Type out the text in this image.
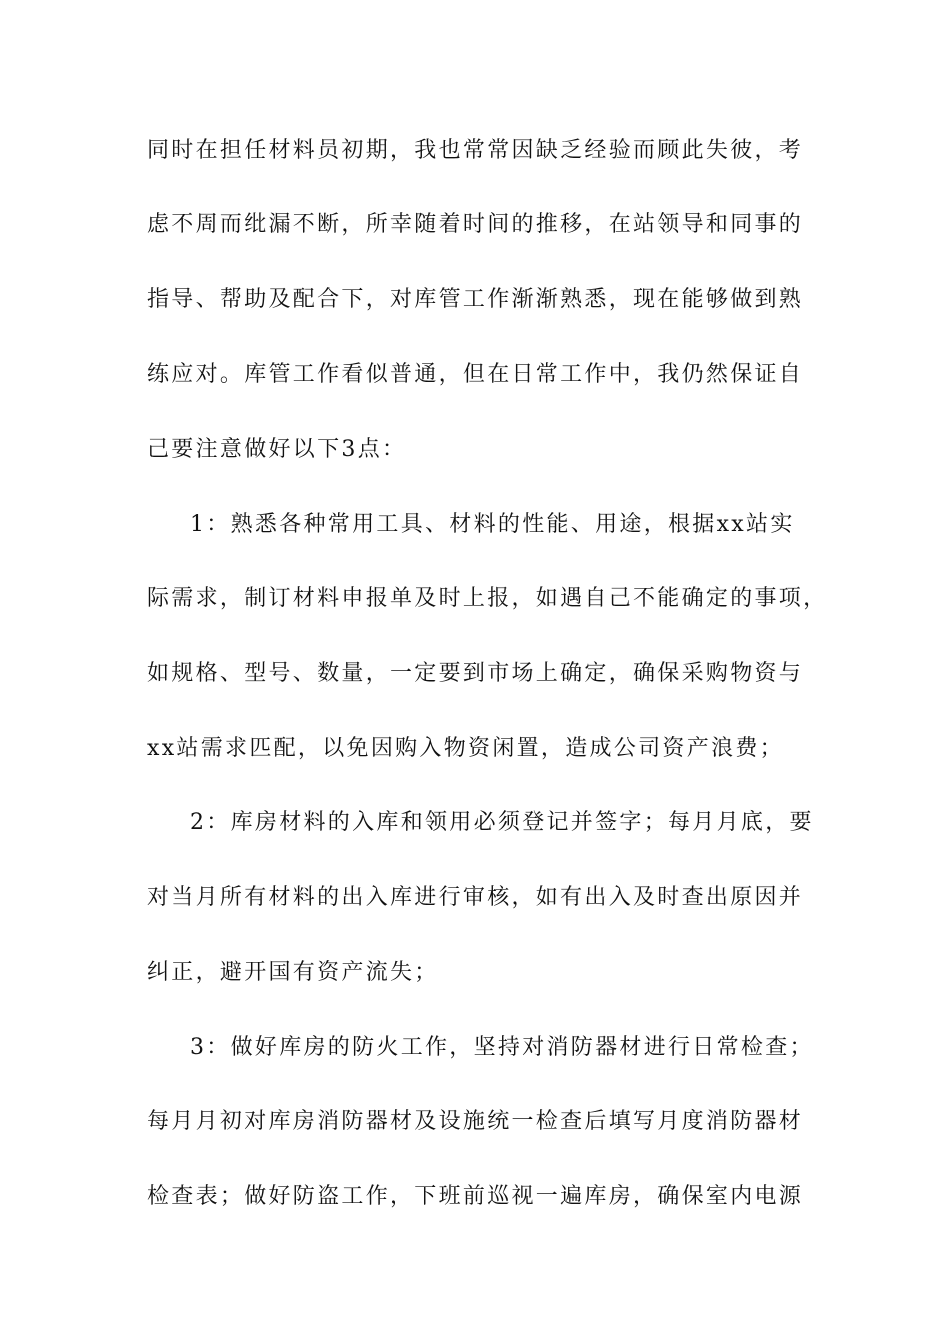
同时在担任材料员初期，我也常常因缺乏经验而顾此失彼，考
虑不周而纰漏不断，所幸随着时间的推移，在站领导和同事的
指导、帮助及配合下，对库管工作渐渐熟悉，现在能够做到熟
练应对。库管工作看似普通，但在日常工作中，我仍然保证自
己要注意做好以下3点：
1：熟悉各种常用工具、材料的性能、用途，根据xx站实
际需求，制订材料申报单及时上报，如遇自己不能确定的事项，
如规格、型号、数量，一定要到市场上确定，确保采购物资与
xx站需求匹配，以免因购入物资闲置，造成公司资产浪费；
2：库房材料的入库和领用必须登记并签字；每月月底，要
对当月所有材料的出入库进行审核，如有出入及时查出原因并
纠正，避开国有资产流失；
3：做好库房的防火工作，坚持对消防器材进行日常检查；
每月月初对库房消防器材及设施统一检查后填写月度消防器材
检查表；做好防盗工作，下班前巡视一遍库房，确保室内电源
